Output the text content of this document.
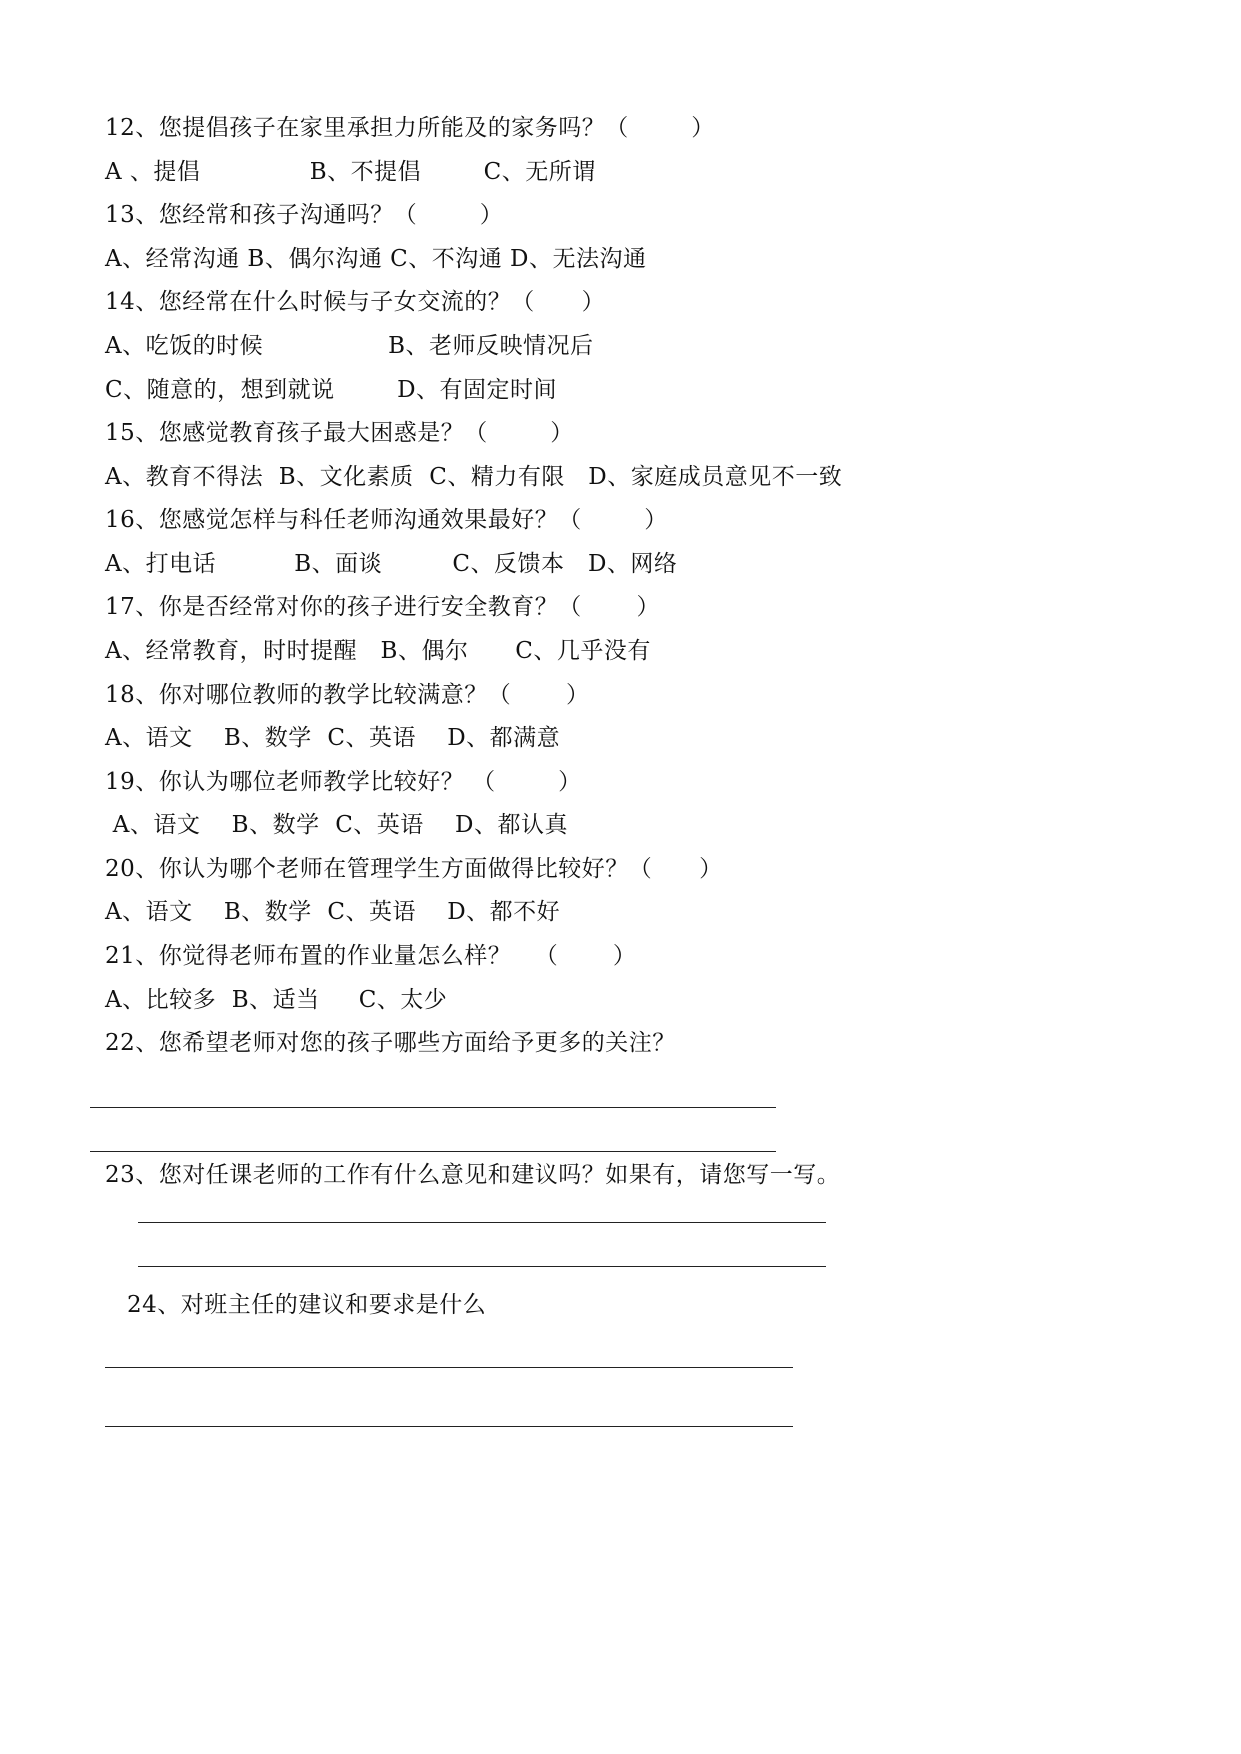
12、您提倡孩子在家里承担力所能及的家务吗？（        ）
A 、提倡              B、不提倡        C、无所谓
13、您经常和孩子沟通吗？（        ）
A、经常沟通 B、偶尔沟通 C、不沟通 D、无法沟通
14、您经常在什么时候与子女交流的？（      ）
A、吃饭的时候                B、老师反映情况后
C、随意的，想到就说        D、有固定时间
15、您感觉教育孩子最大困惑是？（        ）
A、教育不得法  B、文化素质  C、精力有限   D、家庭成员意见不一致
16、您感觉怎样与科任老师沟通效果最好？（        ）
A、打电话          B、面谈         C、反馈本   D、网络
17、你是否经常对你的孩子进行安全教育？（       ）
A、经常教育，时时提醒   B、偶尔      C、几乎没有
18、你对哪位教师的教学比较满意？（       ）
A、语文    B、数学  C、英语    D、都满意
19、你认为哪位老师教学比较好？ （        ）
A、语文    B、数学  C、英语    D、都认真
20、你认为哪个老师在管理学生方面做得比较好？（      ）
A、语文    B、数学  C、英语    D、都不好
21、你觉得老师布置的作业量怎么样？   （       ）
A、比较多  B、适当     C、太少
22、您希望老师对您的孩子哪些方面给予更多的关注？
23、您对任课老师的工作有什么意见和建议吗？如果有，请您写一写。
24、对班主任的建议和要求是什么
